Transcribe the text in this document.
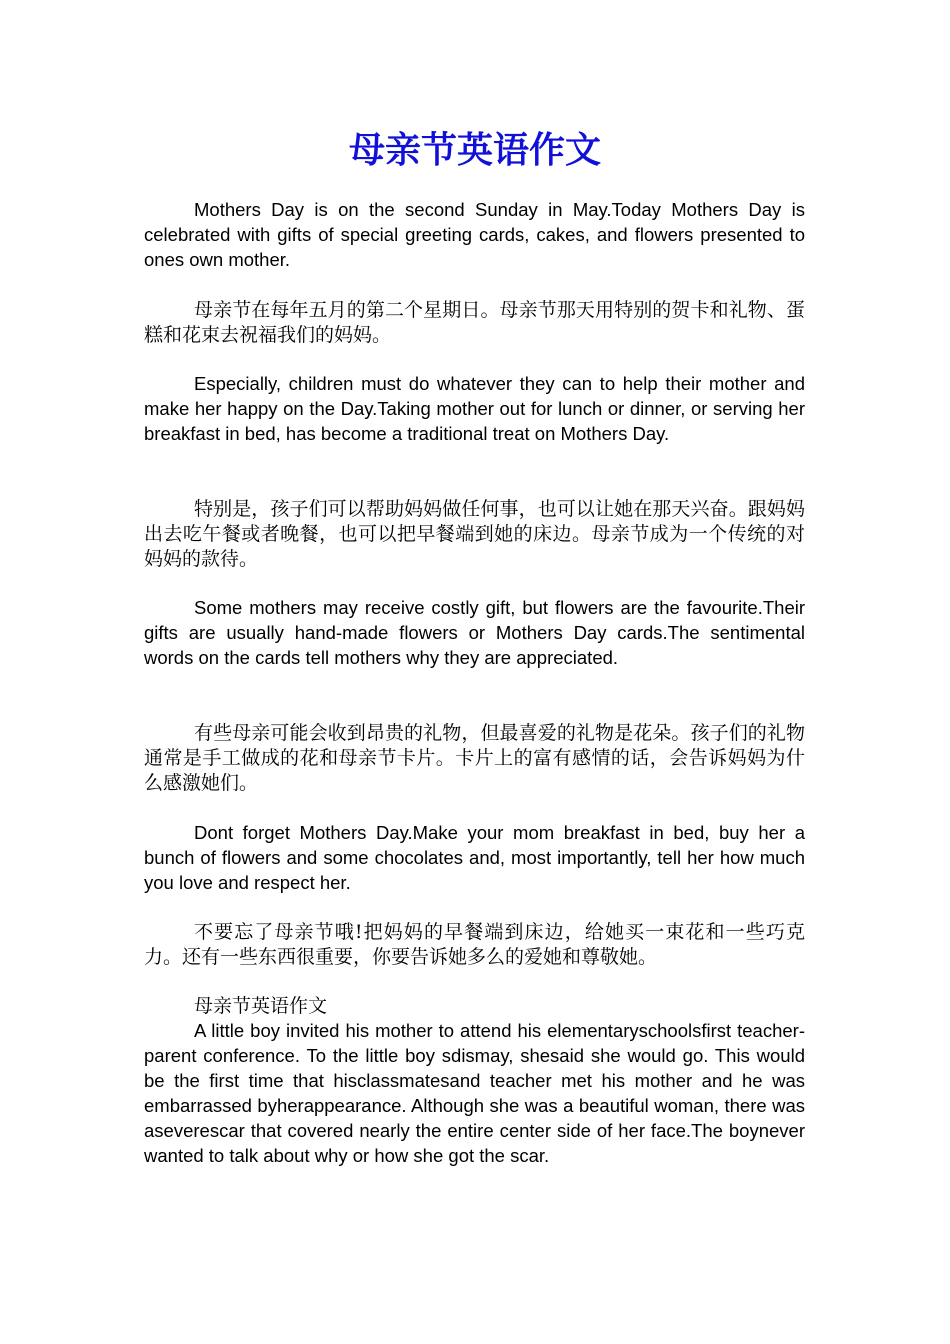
母亲节英语作文

Mothers Day is on the second Sunday in May.Today Mothers Day is celebrated with gifts of special greeting cards, cakes, and flowers presented to ones own mother.

母亲节在每年五月的第二个星期日。母亲节那天用特别的贺卡和礼物、蛋糕和花束去祝福我们的妈妈。

Especially, children must do whatever they can to help their mother and make her happy on the Day.Taking mother out for lunch or dinner, or serving her breakfast in bed, has become a traditional treat on Mothers Day.

特别是，孩子们可以帮助妈妈做任何事，也可以让她在那天兴奋。跟妈妈出去吃午餐或者晚餐，也可以把早餐端到她的床边。母亲节成为一个传统的对妈妈的款待。

Some mothers may receive costly gift, but flowers are the favourite.Their gifts are usually hand-made flowers or Mothers Day cards.The sentimental words on the cards tell mothers why they are appreciated.

有些母亲可能会收到昂贵的礼物，但最喜爱的礼物是花朵。孩子们的礼物通常是手工做成的花和母亲节卡片。卡片上的富有感情的话，会告诉妈妈为什么感激她们。

Dont forget Mothers Day.Make your mom breakfast in bed, buy her a bunch of flowers and some chocolates and, most importantly, tell her how much you love and respect her.

不要忘了母亲节哦!把妈妈的早餐端到床边，给她买一束花和一些巧克力。还有一些东西很重要，你要告诉她多么的爱她和尊敬她。

母亲节英语作文

A little boy invited his mother to attend his elementaryschoolsfirst teacher-parent conference. To the little boy sdismay, shesaid she would go. This would be the first time that hisclassmatesand teacher met his mother and he was embarrassed byherappearance. Although she was a beautiful woman, there was aseverescar that covered nearly the entire center side of her face.The boynever wanted to talk about why or how she got the scar.
